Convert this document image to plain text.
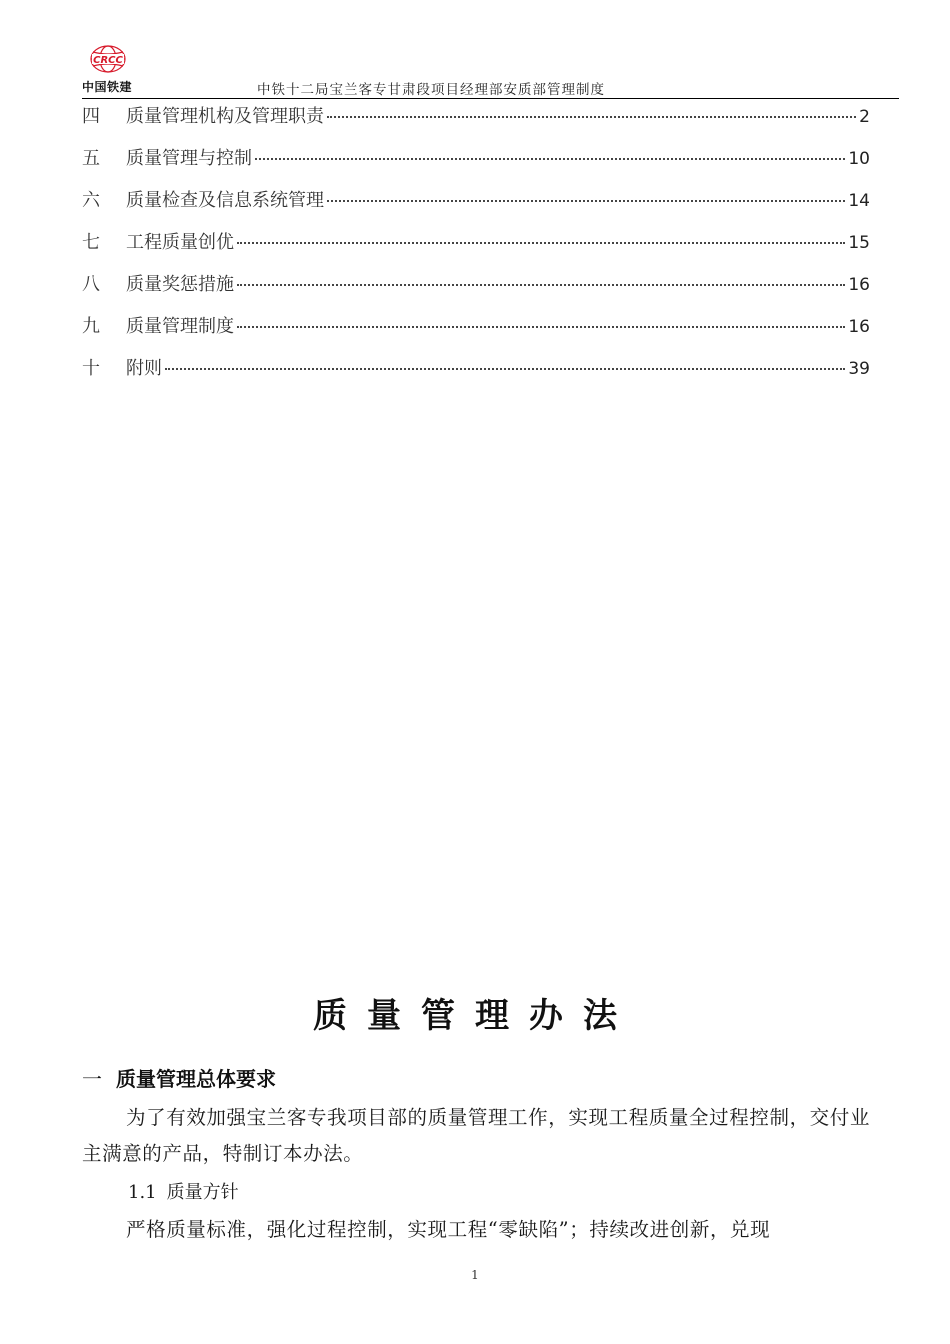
CRCC
中国铁建	中铁十二局宝兰客专甘肃段项目经理部安质部管理制度
四	质量管理机构及管理职责	2
五	质量管理与控制	10
六	质量检查及信息系统管理	14
七	工程质量创优	15
八	质量奖惩措施	16
九	质量管理制度	16
十	附则	39
质量管理办法
一 质量管理总体要求
为了有效加强宝兰客专我项目部的质量管理工作，实现工程质量全过程控制，交付业主满意的产品，特制订本办法。
1.1 质量方针
严格质量标准，强化过程控制，实现工程“零缺陷”；持续改进创新，兑现
1
